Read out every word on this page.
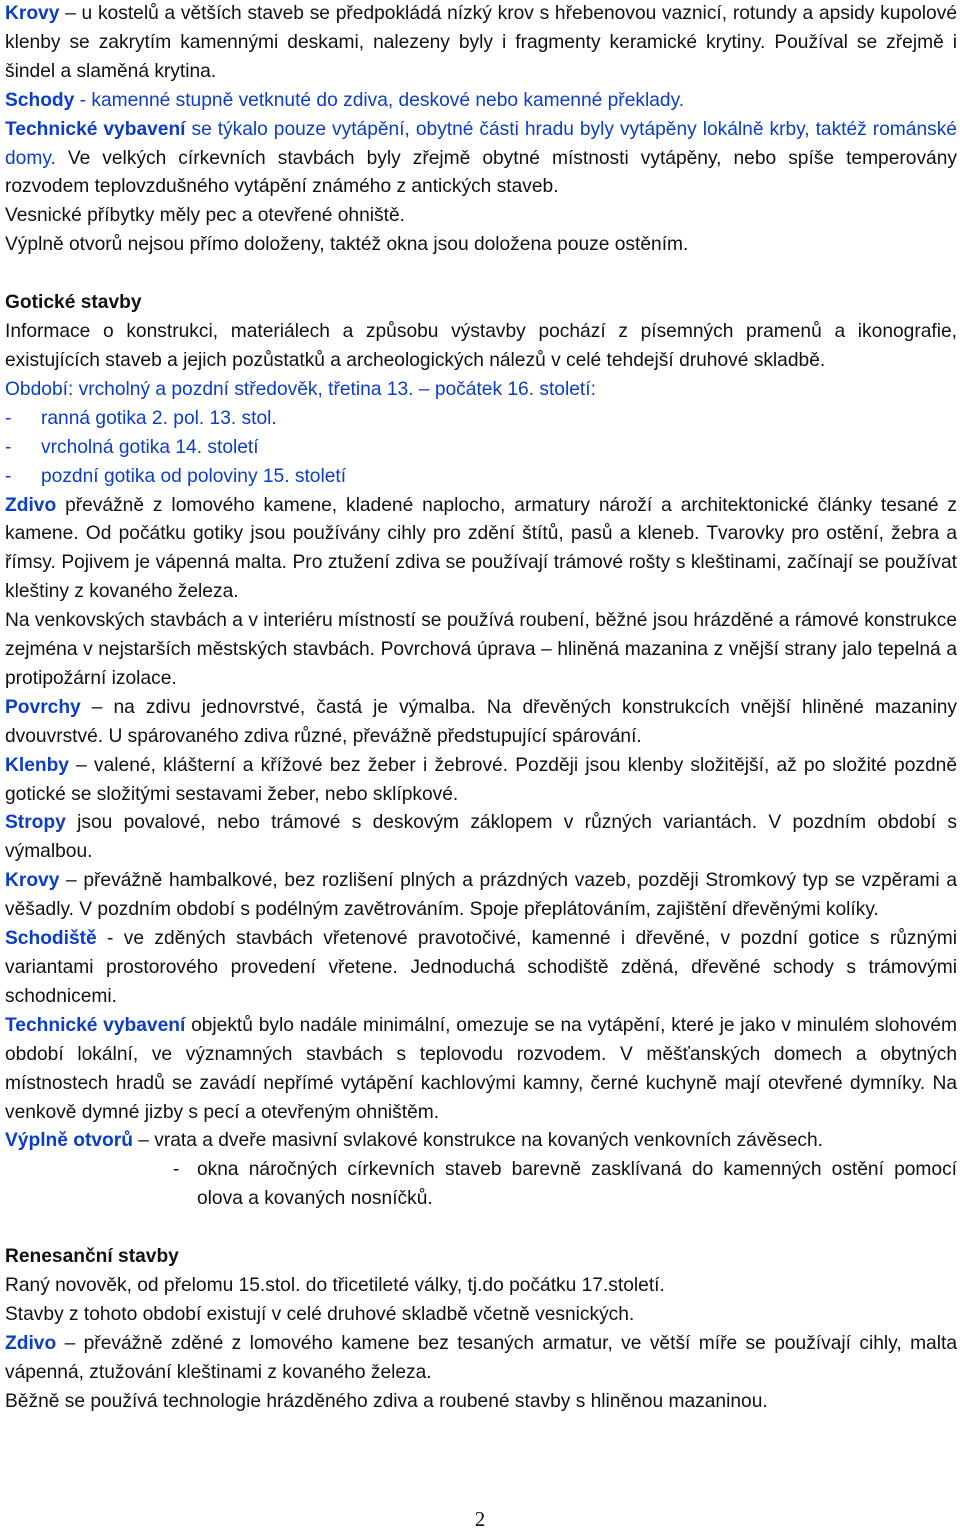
Krovy – u kostelů a větších staveb se předpokládá nízký krov s hřebenovou vaznicí, rotundy a apsidy kupolové klenby se zakrytím kamennými deskami, nalezeny byly i fragmenty keramické krytiny. Používal se zřejmě i šindel a slaměná krytina.

Schody - kamenné stupně vetknuté do zdiva, deskové nebo kamenné překlady.

Technické vybavení se týkalo pouze vytápění, obytné části hradu byly vytápěny lokálně krby, taktéž románské domy. Ve velkých církevních stavbách byly zřejmě obytné místnosti vytápěny, nebo spíše temperovány rozvodem teplovzdušného vytápění známého z antických staveb.

Vesnické příbytky měly pec a otevřené ohniště.

Výplně otvorů nejsou přímo doloženy, taktéž okna jsou doložena pouze ostěním.

Gotické stavby

Informace o konstrukci, materiálech a způsobu výstavby pochází z písemných pramenů a ikonografie, existujících staveb a jejich pozůstatků a archeologických nálezů v celé tehdejší druhové skladbě.

Období: vrcholný a pozdní středověk, třetina 13. – počátek 16. století:

-	ranná gotika 2. pol. 13. stol.
-	vrcholná gotika 14. století
-	pozdní gotika od poloviny 15. století

Zdivo převážně z lomového kamene, kladené naplocho, armatury nároží a architektonické články tesané z kamene. Od počátku gotiky jsou používány cihly pro zdění štítů, pasů a kleneb. Tvarovky pro ostění, žebra a římsy. Pojivem je vápenná malta. Pro ztužení zdiva se používají trámové rošty s kleštinami, začínají se používat kleštiny z kovaného železa.

Na venkovských stavbách a v interiéru místností se používá roubení, běžné jsou hrázděné a rámové konstrukce zejména v nejstarších městských stavbách. Povrchová úprava – hliněná mazanina z vnější strany jalo tepelná a protipožární izolace.

Povrchy – na zdivu jednovrstvé, častá je výmalba. Na dřevěných konstrukcích vnější hliněné mazaniny dvouvrstvé. U spárovaného zdiva různé, převážně předstupující spárování.

Klenby – valené, klášterní a křížové bez žeber i žebrové. Později jsou klenby složitější, až po složité pozdně gotické se složitými sestavami žeber, nebo sklípkové.

Stropy jsou povalové, nebo trámové s deskovým záklopem v různých variantách. V pozdním období s výmalbou.

Krovy – převážně hambalkové, bez rozlišení plných a prázdných vazeb, později Stromkový typ se vzpěrami a věšadly. V pozdním období s podélným zavětrováním. Spoje přeplátováním, zajištění dřevěnými kolíky.

Schodiště - ve zděných stavbách vřetenové pravotočivé, kamenné i dřevěné, v pozdní gotice s různými variantami prostorového provedení vřetene. Jednoduchá schodiště zděná, dřevěné schody s trámovými schodnicemi.

Technické vybavení objektů bylo nadále minimální, omezuje se na vytápění, které je jako v minulém slohovém období lokální, ve významných stavbách s teplovodu rozvodem. V měšťanských domech a obytných místnostech hradů se zavádí nepřímé vytápění kachlovými kamny, černé kuchyně mají otevřené dymníky. Na venkově dymné jizby s pecí a otevřeným ohništěm.

Výplně otvorů – vrata a dveře masivní svlakové konstrukce na kovaných venkovních závěsech.

- okna náročných církevních staveb barevně zasklívaná do kamenných ostění pomocí olova a kovaných nosníčků.

Renesanční stavby

Raný novověk, od přelomu 15.stol. do třicetileté války, tj.do počátku 17.století.

Stavby z tohoto období existují v celé druhové skladbě včetně vesnických.

Zdivo – převážně zděné z lomového kamene bez tesaných armatur, ve větší míře se používají cihly, malta vápenná, ztužování kleštinami z kovaného železa.

Běžně se používá technologie hrázděného zdiva a roubené stavby s hliněnou mazaninou.

2
